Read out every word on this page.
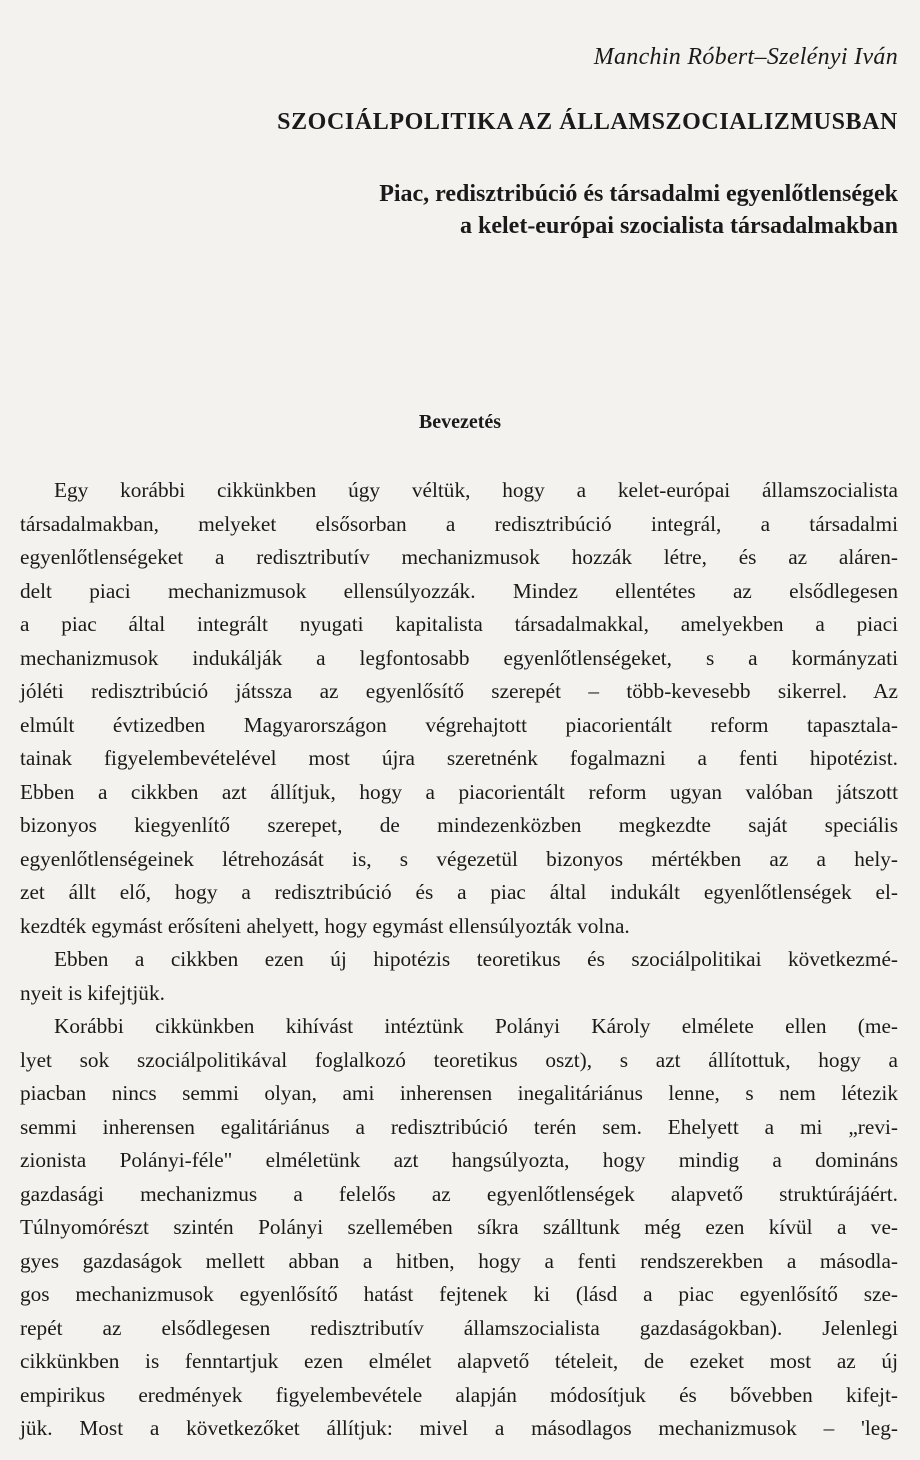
Manchin Róbert–Szelényi Iván
SZOCIÁLPOLITIKA AZ ÁLLAMSZOCIALIZMUSBAN
Piac, redisztribúció és társadalmi egyenlőtlenségek
a kelet-európai szocialista társadalmakban
Bevezetés

Egy korábbi cikkünkben úgy véltük, hogy a kelet-európai államszocialista
társadalmakban, melyeket elsősorban a redisztribúció integrál, a társadalmi
egyenlőtlenségeket a redisztributív mechanizmusok hozzák létre, és az aláren-
delt piaci mechanizmusok ellensúlyozzák. Mindez ellentétes az elsődlegesen
a piac által integrált nyugati kapitalista társadalmakkal, amelyekben a piaci
mechanizmusok indukálják a legfontosabb egyenlőtlenségeket, s a kormányzati
jóléti redisztribúció játssza az egyenlősítő szerepét – több-kevesebb sikerrel. Az
elmúlt évtizedben Magyarországon végrehajtott piacorientált reform tapasztala-
tainak figyelembevételével most újra szeretnénk fogalmazni a fenti hipotézist.
Ebben a cikkben azt állítjuk, hogy a piacorientált reform ugyan valóban játszott
bizonyos kiegyenlítő szerepet, de mindezenközben megkezdte saját speciális
egyenlőtlenségeinek létrehozását is, s végezetül bizonyos mértékben az a hely-
zet állt elő, hogy a redisztribúció és a piac által indukált egyenlőtlenségek el-
kezdték egymást erősíteni ahelyett, hogy egymást ellensúlyozták volna.

Ebben a cikkben ezen új hipotézis teoretikus és szociálpolitikai következmé-
nyeit is kifejtjük.

Korábbi cikkünkben kihívást intéztünk Polányi Károly elmélete ellen (me-
lyet sok szociálpolitikával foglalkozó teoretikus oszt), s azt állítottuk, hogy a
piacban nincs semmi olyan, ami inherensen inegalitáriánus lenne, s nem létezik
semmi inherensen egalitáriánus a redisztribúció terén sem. Ehelyett a mi „revi-
zionista Polányi-féle" elméletünk azt hangsúlyozta, hogy mindig a domináns
gazdasági mechanizmus a felelős az egyenlőtlenségek alapvető struktúrájáért.
Túlnyomórészt szintén Polányi szellemében síkra szálltunk még ezen kívül a ve-
gyes gazdaságok mellett abban a hitben, hogy a fenti rendszerekben a másodla-
gos mechanizmusok egyenlősítő hatást fejtenek ki (lásd a piac egyenlősítő sze-
repét az elsődlegesen redisztributív államszocialista gazdaságokban). Jelenlegi
cikkünkben is fenntartjuk ezen elmélet alapvető tételeit, de ezeket most az új
empirikus eredmények figyelembevétele alapján módosítjuk és bővebben kifejt-
jük. Most a következőket állítjuk: mivel a másodlagos mechanizmusok – 'leg-
